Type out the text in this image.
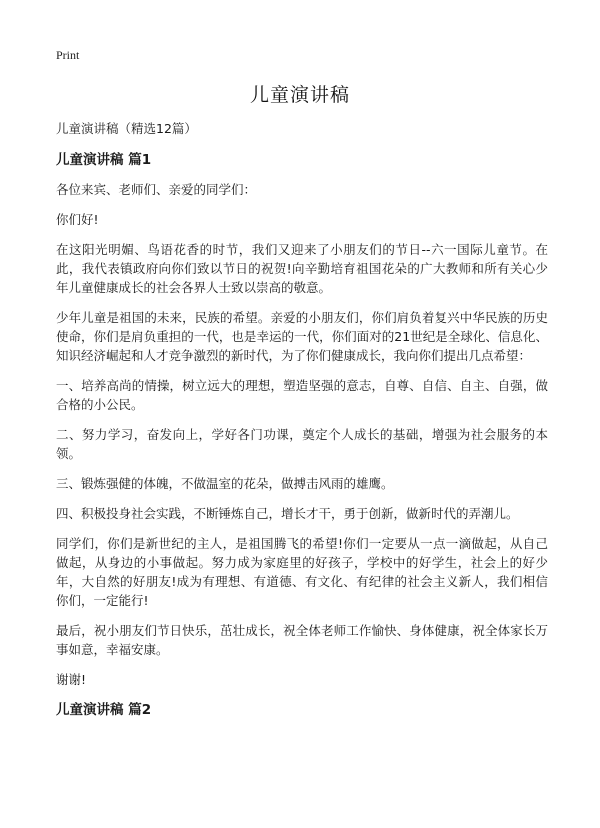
Print
儿童演讲稿
儿童演讲稿（精选12篇）
儿童演讲稿 篇1

各位来宾、老师们、亲爱的同学们：

你们好!

在这阳光明媚、鸟语花香的时节，我们又迎来了小朋友们的节日--六一国际儿童节。在此，我代表镇政府向你们致以节日的祝贺!向辛勤培育祖国花朵的广大教师和所有关心少年儿童健康成长的社会各界人士致以崇高的敬意。

少年儿童是祖国的未来，民族的希望。亲爱的小朋友们，你们肩负着复兴中华民族的历史使命，你们是肩负重担的一代，也是幸运的一代，你们面对的21世纪是全球化、信息化、知识经济崛起和人才竞争激烈的新时代，为了你们健康成长，我向你们提出几点希望：

一、培养高尚的情操，树立远大的理想，塑造坚强的意志，自尊、自信、自主、自强，做合格的小公民。

二、努力学习，奋发向上，学好各门功课，奠定个人成长的基础，增强为社会服务的本领。

三、锻炼强健的体魄，不做温室的花朵，做搏击风雨的雄鹰。

四、积极投身社会实践，不断锤炼自己，增长才干，勇于创新，做新时代的弄潮儿。

同学们，你们是新世纪的主人，是祖国腾飞的希望!你们一定要从一点一滴做起，从自己做起，从身边的小事做起。努力成为家庭里的好孩子，学校中的好学生，社会上的好少年，大自然的好朋友!成为有理想、有道德、有文化、有纪律的社会主义新人，我们相信你们，一定能行!

最后，祝小朋友们节日快乐，茁壮成长，祝全体老师工作愉快、身体健康，祝全体家长万事如意，幸福安康。

谢谢!

儿童演讲稿 篇2
